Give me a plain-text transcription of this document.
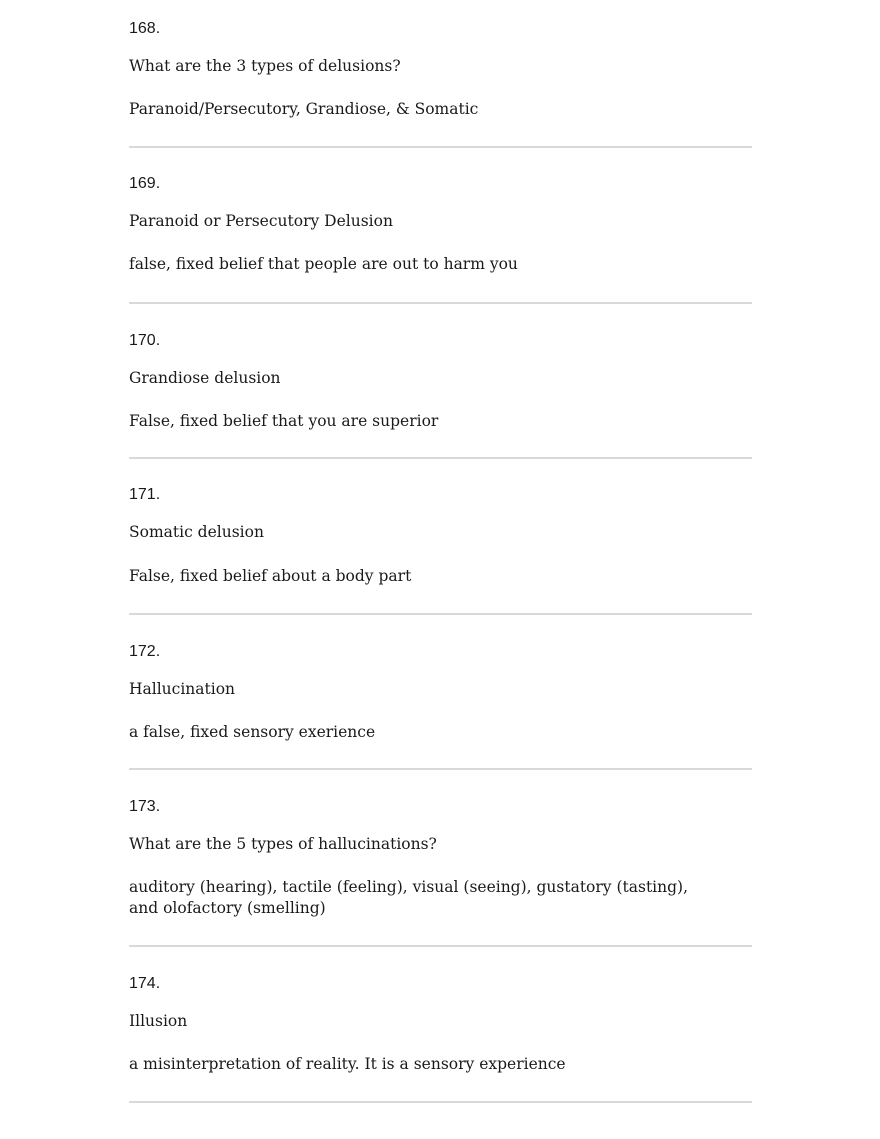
168.
What are the 3 types of delusions?
Paranoid/Persecutory, Grandiose, & Somatic
169.
Paranoid or Persecutory Delusion
false, fixed belief that people are out to harm you
170.
Grandiose delusion
False, fixed belief that you are superior
171.
Somatic delusion
False, fixed belief about a body part
172.
Hallucination
a false, fixed sensory exerience
173.
What are the 5 types of hallucinations?
auditory (hearing), tactile (feeling), visual (seeing), gustatory (tasting), and olofactory (smelling)
174.
Illusion
a misinterpretation of reality. It is a sensory experience
